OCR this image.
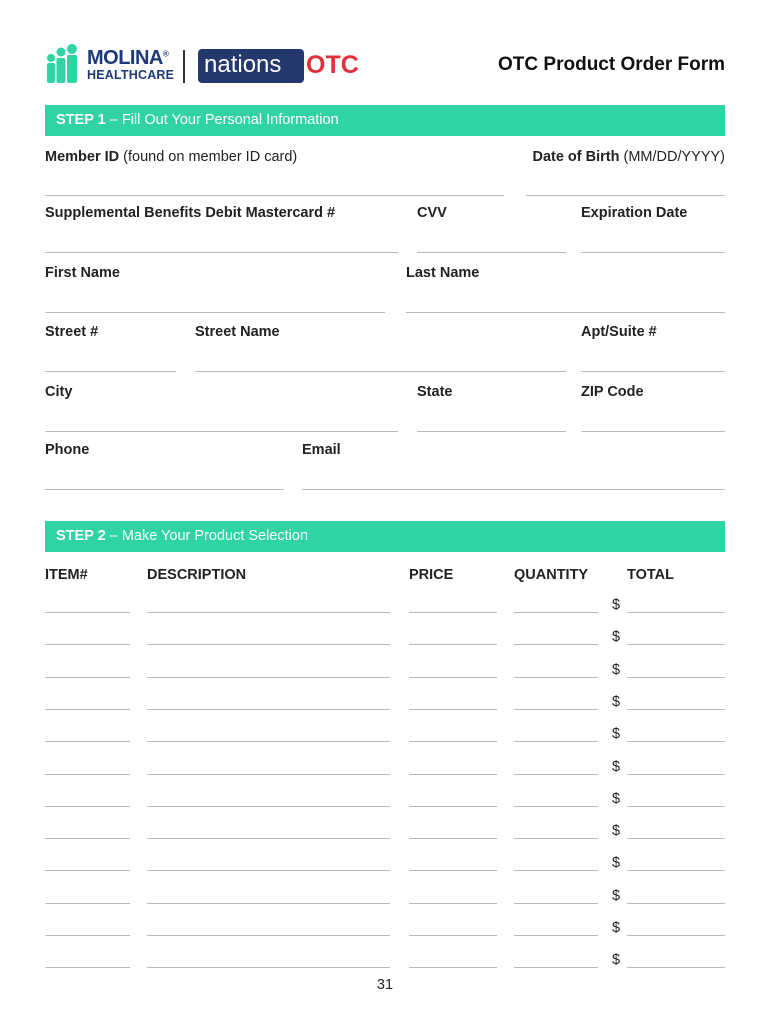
MOLINA®
HEALTHCARE nations OTC	OTC Product Order Form
STEP 1 – Fill Out Your Personal Information
Member ID (found on member ID card)	Date of Birth (MM/DD/YYYY)
Supplemental Benefits Debit Mastercard #	CVV	Expiration Date
First Name	Last Name
Street #	Street Name	Apt/Suite #
City	State	ZIP Code
Phone	Email
STEP 2 – Make Your Product Selection
ITEM#	DESCRIPTION	PRICE	QUANTITY	TOTAL
$
$
$
$
$
$
$
$
$
$
$
$
31
